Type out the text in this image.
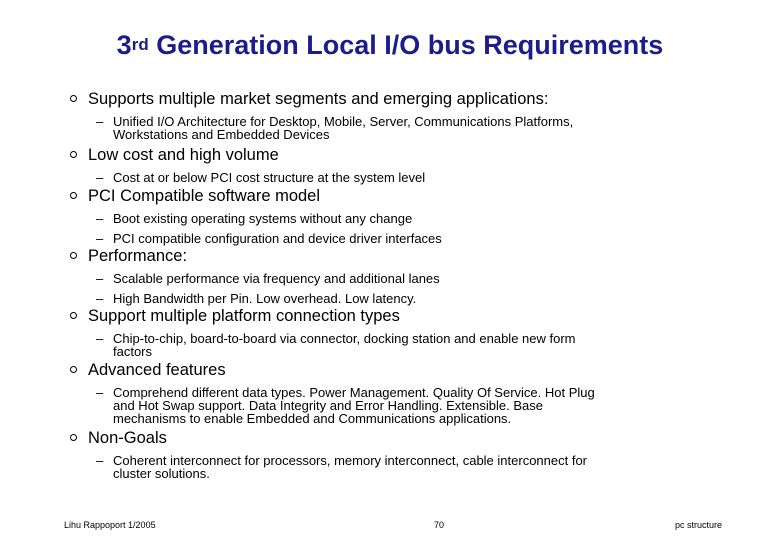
3rd Generation Local I/O bus Requirements
Supports multiple market segments and emerging applications:
– Unified I/O Architecture for Desktop, Mobile, Server, Communications Platforms,
Workstations and Embedded Devices
Low cost and high volume
– Cost at or below PCI cost structure at the system level
PCI Compatible software model
– Boot existing operating systems without any change
– PCI compatible configuration and device driver interfaces
Performance:
– Scalable performance via frequency and additional lanes
– High Bandwidth per Pin. Low overhead. Low latency.
Support multiple platform connection types
– Chip-to-chip, board-to-board via connector, docking station and enable new form
factors
Advanced features
– Comprehend different data types. Power Management. Quality Of Service. Hot Plug
and Hot Swap support. Data Integrity and Error Handling. Extensible. Base
mechanisms to enable Embedded and Communications applications.
Non-Goals
– Coherent interconnect for processors, memory interconnect, cable interconnect for
cluster solutions.
Lihu Rappoport 1/2005	70	pc structure
